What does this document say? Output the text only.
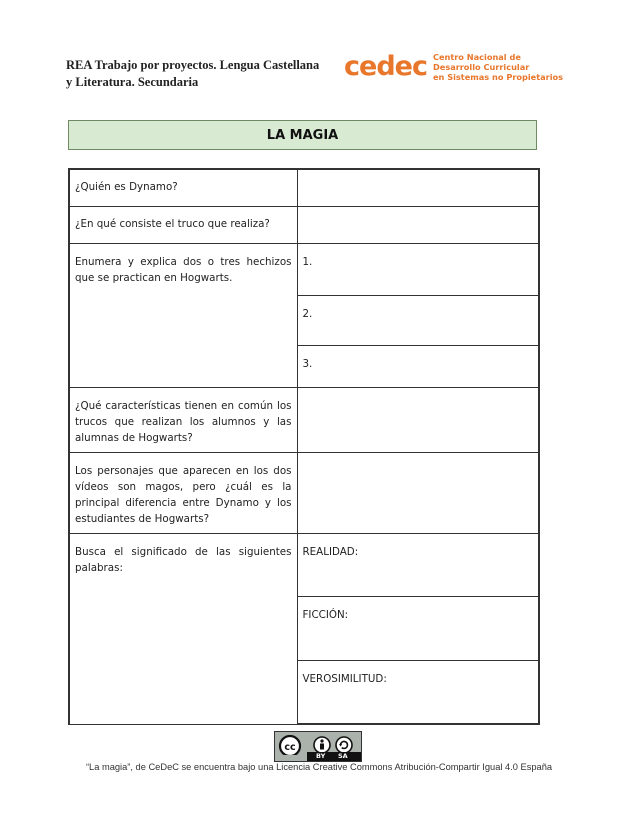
REA Trabajo por proyectos. Lengua Castellana
y Literatura. Secundaria	cedec Centro Nacional de
Desarrollo Curricular
en Sistemas no Propietarios
LA MAGIA
¿Quién es Dynamo?	
¿En qué consiste el truco que realiza?	
Enumera y explica dos o tres hechizos que se practican en Hogwarts.	1.
	2.
	3.
¿Qué características tienen en común los trucos que realizan los alumnos y las alumnas de Hogwarts?	
Los personajes que aparecen en los dos vídeos son magos, pero ¿cuál es la principal diferencia entre Dynamo y los estudiantes de Hogwarts?	
Busca el significado de las siguientes palabras:	REALIDAD:
	FICCIÓN:
	VEROSIMILITUD:
cc
BY SA
“La magia”, de CeDeC se encuentra bajo una Licencia Creative Commons Atribución-Compartir Igual 4.0 España
